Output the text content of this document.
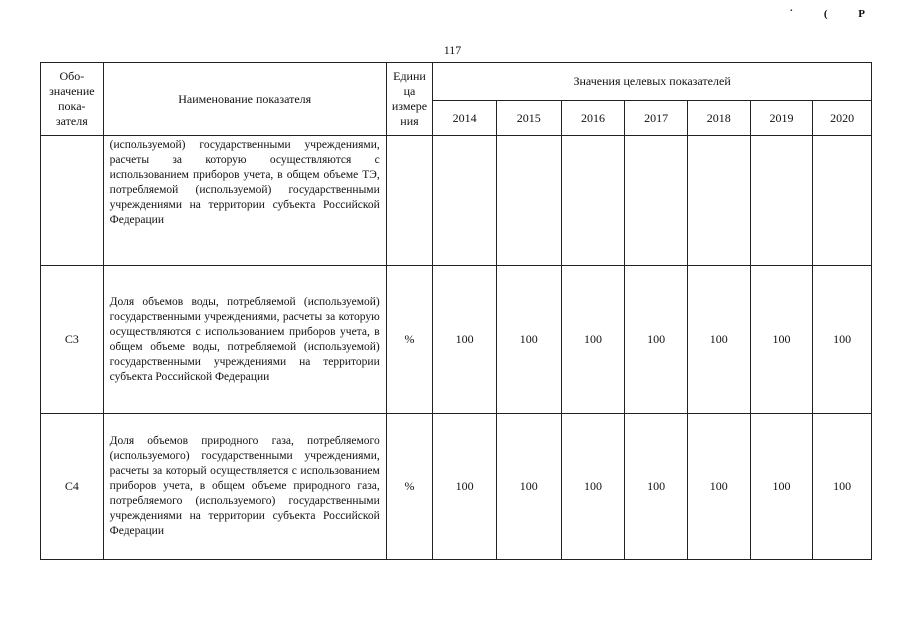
˙ ( P
117
Обо-
значение
пока-
зателя	Наименование показателя	Едини
ца
измере
ния	Значения целевых показателей						
			2014	2015	2016	2017	2018	2019	2020
	(используемой) государственными учреждениями, расчеты за которую осуществляются с использованием приборов учета, в общем объеме ТЭ, потребляемой (используемой) государственными учреждениями на территории субъекта Российской Федерации								
С3	Доля объемов воды, потребляемой (используемой) государственными учреждениями, расчеты за которую осуществляются с использованием приборов учета, в общем объеме воды, потребляемой (используемой) государственными учреждениями на территории субъекта Российской Федерации	%	100	100	100	100	100	100	100
С4	Доля объемов природного газа, потребляемого (используемого) государственными учреждениями, расчеты за который осуществляется с использованием приборов учета, в общем объеме природного газа, потребляемого (используемого) государственными учреждениями на территории субъекта Российской Федерации	%	100	100	100	100	100	100	100
